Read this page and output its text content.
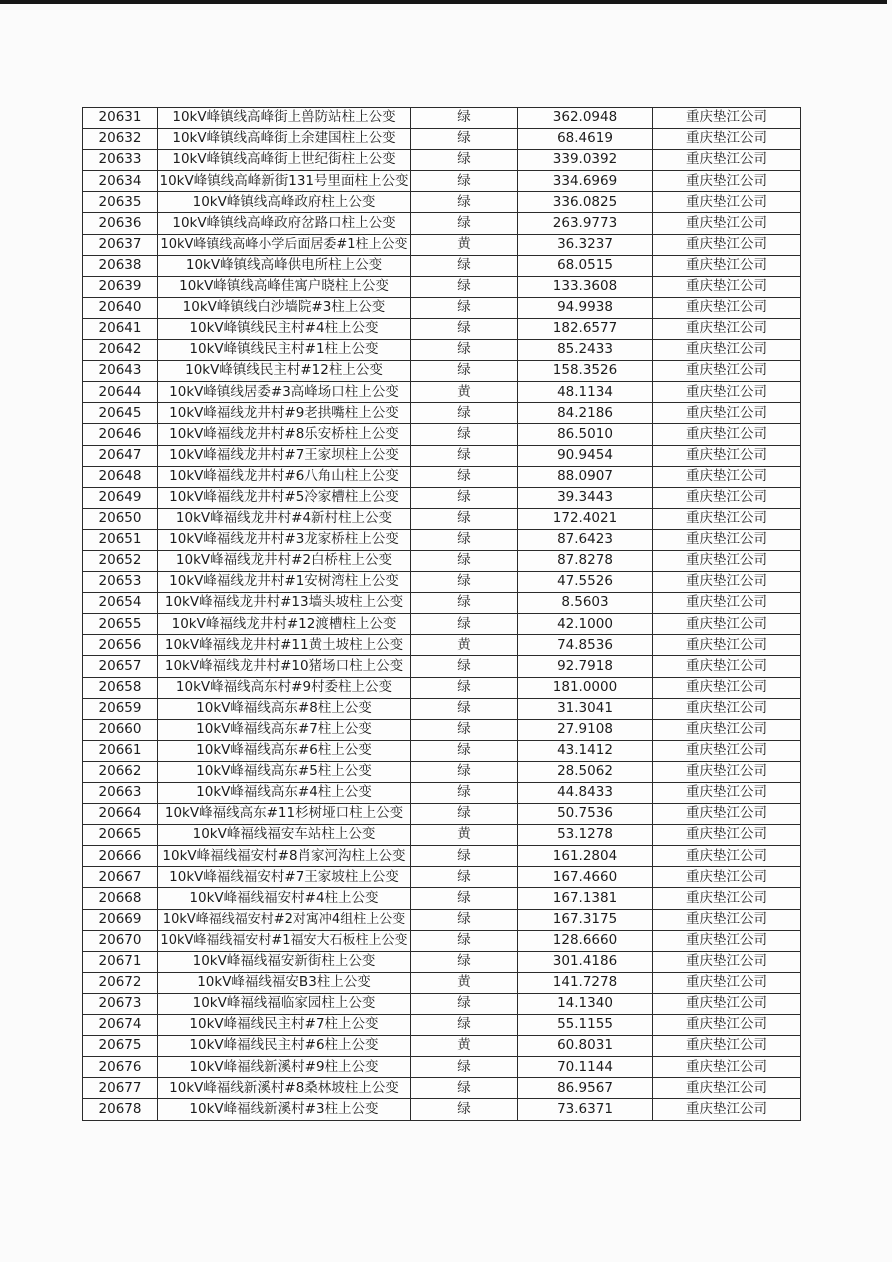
20631	10kV峰镇线高峰街上兽防站柱上公变	绿	362.0948	重庆垫江公司
20632	10kV峰镇线高峰街上余建国柱上公变	绿	68.4619	重庆垫江公司
20633	10kV峰镇线高峰街上世纪街柱上公变	绿	339.0392	重庆垫江公司
20634	10kV峰镇线高峰新街131号里面柱上公变	绿	334.6969	重庆垫江公司
20635	10kV峰镇线高峰政府柱上公变	绿	336.0825	重庆垫江公司
20636	10kV峰镇线高峰政府岔路口柱上公变	绿	263.9773	重庆垫江公司
20637	10kV峰镇线高峰小学后面居委#1柱上公变	黄	36.3237	重庆垫江公司
20638	10kV峰镇线高峰供电所柱上公变	绿	68.0515	重庆垫江公司
20639	10kV峰镇线高峰佳寓户晓柱上公变	绿	133.3608	重庆垫江公司
20640	10kV峰镇线白沙墙院#3柱上公变	绿	94.9938	重庆垫江公司
20641	10kV峰镇线民主村#4柱上公变	绿	182.6577	重庆垫江公司
20642	10kV峰镇线民主村#1柱上公变	绿	85.2433	重庆垫江公司
20643	10kV峰镇线民主村#12柱上公变	绿	158.3526	重庆垫江公司
20644	10kV峰镇线居委#3高峰场口柱上公变	黄	48.1134	重庆垫江公司
20645	10kV峰福线龙井村#9老拱嘴柱上公变	绿	84.2186	重庆垫江公司
20646	10kV峰福线龙井村#8乐安桥柱上公变	绿	86.5010	重庆垫江公司
20647	10kV峰福线龙井村#7王家坝柱上公变	绿	90.9454	重庆垫江公司
20648	10kV峰福线龙井村#6八角山柱上公变	绿	88.0907	重庆垫江公司
20649	10kV峰福线龙井村#5冷家槽柱上公变	绿	39.3443	重庆垫江公司
20650	10kV峰福线龙井村#4新村柱上公变	绿	172.4021	重庆垫江公司
20651	10kV峰福线龙井村#3龙家桥柱上公变	绿	87.6423	重庆垫江公司
20652	10kV峰福线龙井村#2白桥柱上公变	绿	87.8278	重庆垫江公司
20653	10kV峰福线龙井村#1安树湾柱上公变	绿	47.5526	重庆垫江公司
20654	10kV峰福线龙井村#13墙头坡柱上公变	绿	8.5603	重庆垫江公司
20655	10kV峰福线龙井村#12渡槽柱上公变	绿	42.1000	重庆垫江公司
20656	10kV峰福线龙井村#11黄土坡柱上公变	黄	74.8536	重庆垫江公司
20657	10kV峰福线龙井村#10猪场口柱上公变	绿	92.7918	重庆垫江公司
20658	10kV峰福线高东村#9村委柱上公变	绿	181.0000	重庆垫江公司
20659	10kV峰福线高东#8柱上公变	绿	31.3041	重庆垫江公司
20660	10kV峰福线高东#7柱上公变	绿	27.9108	重庆垫江公司
20661	10kV峰福线高东#6柱上公变	绿	43.1412	重庆垫江公司
20662	10kV峰福线高东#5柱上公变	绿	28.5062	重庆垫江公司
20663	10kV峰福线高东#4柱上公变	绿	44.8433	重庆垫江公司
20664	10kV峰福线高东#11杉树垭口柱上公变	绿	50.7536	重庆垫江公司
20665	10kV峰福线福安车站柱上公变	黄	53.1278	重庆垫江公司
20666	10kV峰福线福安村#8肖家河沟柱上公变	绿	161.2804	重庆垫江公司
20667	10kV峰福线福安村#7王家坡柱上公变	绿	167.4660	重庆垫江公司
20668	10kV峰福线福安村#4柱上公变	绿	167.1381	重庆垫江公司
20669	10kV峰福线福安村#2对寓冲4组柱上公变	绿	167.3175	重庆垫江公司
20670	10kV峰福线福安村#1福安大石板柱上公变	绿	128.6660	重庆垫江公司
20671	10kV峰福线福安新街柱上公变	绿	301.4186	重庆垫江公司
20672	10kV峰福线福安B3柱上公变	黄	141.7278	重庆垫江公司
20673	10kV峰福线福临家园柱上公变	绿	14.1340	重庆垫江公司
20674	10kV峰福线民主村#7柱上公变	绿	55.1155	重庆垫江公司
20675	10kV峰福线民主村#6柱上公变	黄	60.8031	重庆垫江公司
20676	10kV峰福线新溪村#9柱上公变	绿	70.1144	重庆垫江公司
20677	10kV峰福线新溪村#8桑林坡柱上公变	绿	86.9567	重庆垫江公司
20678	10kV峰福线新溪村#3柱上公变	绿	73.6371	重庆垫江公司
